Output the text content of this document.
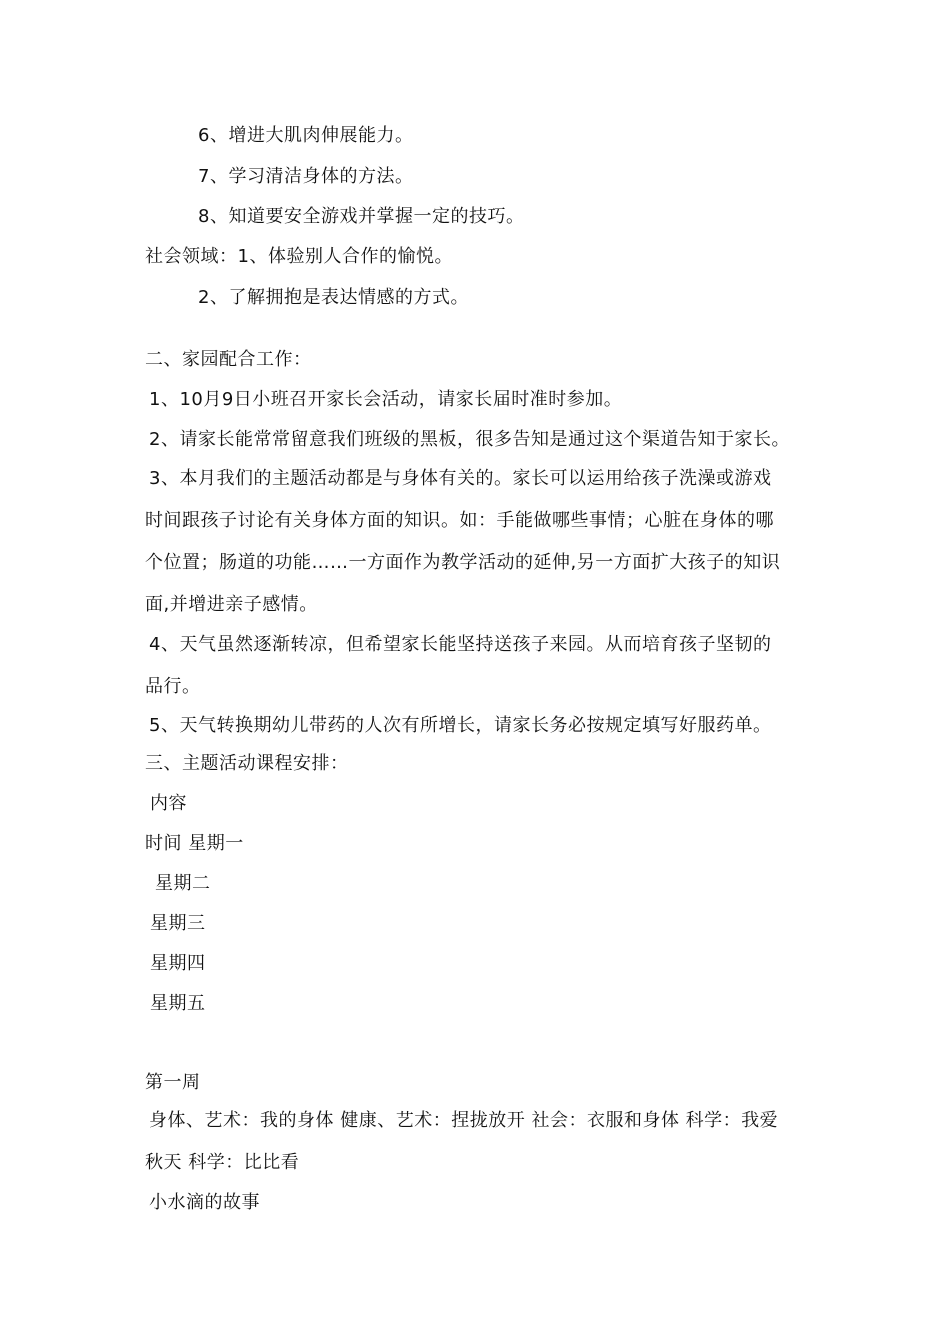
6、增进大肌肉伸展能力。
7、学习清洁身体的方法。
8、知道要安全游戏并掌握一定的技巧。
社会领域：1、体验别人合作的愉悦。
2、了解拥抱是表达情感的方式。
二、家园配合工作：
1、10月9日小班召开家长会活动，请家长届时准时参加。
2、请家长能常常留意我们班级的黑板，很多告知是通过这个渠道告知于家长。
3、本月我们的主题活动都是与身体有关的。家长可以运用给孩子洗澡或游戏
时间跟孩子讨论有关身体方面的知识。如：手能做哪些事情；心脏在身体的哪
个位置；肠道的功能……一方面作为教学活动的延伸,另一方面扩大孩子的知识
面,并增进亲子感情。
4、天气虽然逐渐转凉，但希望家长能坚持送孩子来园。从而培育孩子坚韧的
品行。
5、天气转换期幼儿带药的人次有所增长，请家长务必按规定填写好服药单。
三、主题活动课程安排：
内容
时间 星期一
星期二
星期三
星期四
星期五
第一周
身体、艺术：我的身体 健康、艺术：捏拢放开 社会：衣服和身体 科学：我爱
秋天 科学：比比看
小水滴的故事
